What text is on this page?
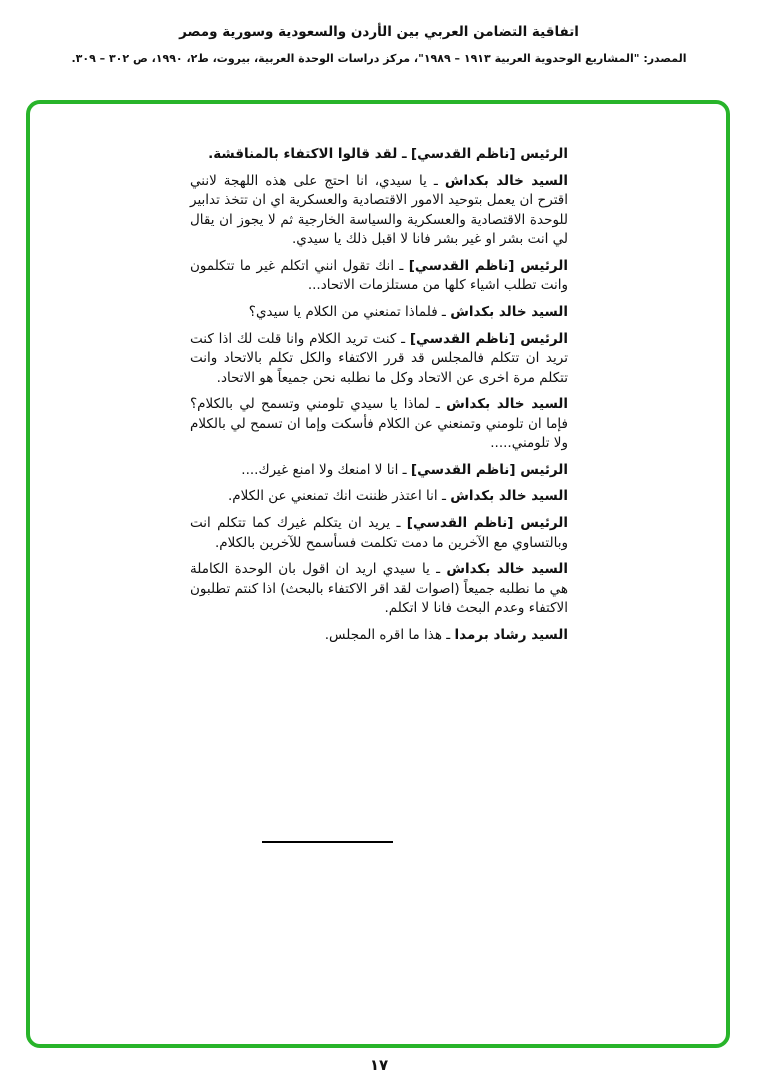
اتفاقية التضامن العربي بين الأردن والسعودية وسورية ومصر
المصدر: "المشاريع الوحدوية العربية ١٩١٣ – ١٩٨٩"، مركز دراسات الوحدة العربية، بيروت، ط٢، ١٩٩٠، ص ٣٠٢ – ٣٠٩.

الرئيس [ناظم القدسي] ـ لقد قالوا الاكتفاء بالمناقشة.

السيد خالد بكداش ـ يا سيدي، انا احتج على هذه اللهجة لانني اقترح ان يعمل بتوحيد الامور الاقتصادية والعسكرية اي ان تتخذ تدابير للوحدة الاقتصادية والعسكرية والسياسة الخارجية ثم لا يجوز ان يقال لي انت بشر او غير بشر فانا لا اقبل ذلك يا سيدي.

الرئيس [ناظم القدسي] ـ انك تقول انني اتكلم غير ما تتكلمون وانت تطلب اشياء كلها من مستلزمات الاتحاد...

السيد خالد بكداش ـ فلماذا تمنعني من الكلام يا سيدي؟

الرئيس [ناظم القدسي] ـ كنت تريد الكلام وانا قلت لك اذا كنت تريد ان تتكلم فالمجلس قد قرر الاكتفاء والكل تكلم بالاتحاد وانت تتكلم مرة اخرى عن الاتحاد وكل ما نطلبه نحن جميعاً هو الاتحاد.

السيد خالد بكداش ـ لماذا يا سيدي تلومني وتسمح لي بالكلام؟ فإما ان تلومني وتمنعني عن الكلام فأسكت وإما ان تسمح لي بالكلام ولا تلومني.....

الرئيس [ناظم القدسي] ـ انا لا امنعك ولا امنع غيرك....

السيد خالد بكداش ـ انا اعتذر ظننت انك تمنعني عن الكلام.

الرئيس [ناظم القدسي] ـ يريد ان يتكلم غيرك كما تتكلم انت وبالتساوي مع الآخرين ما دمت تكلمت فسأسمح للآخرين بالكلام.

السيد خالد بكداش ـ يا سيدي اريد ان اقول بان الوحدة الكاملة هي ما نطلبه جميعاً (اصوات لقد اقر الاكتفاء بالبحث) اذا كنتم تطلبون الاكتفاء وعدم البحث فانا لا اتكلم.

السيد رشاد برمدا ـ هذا ما اقره المجلس.

١٧
